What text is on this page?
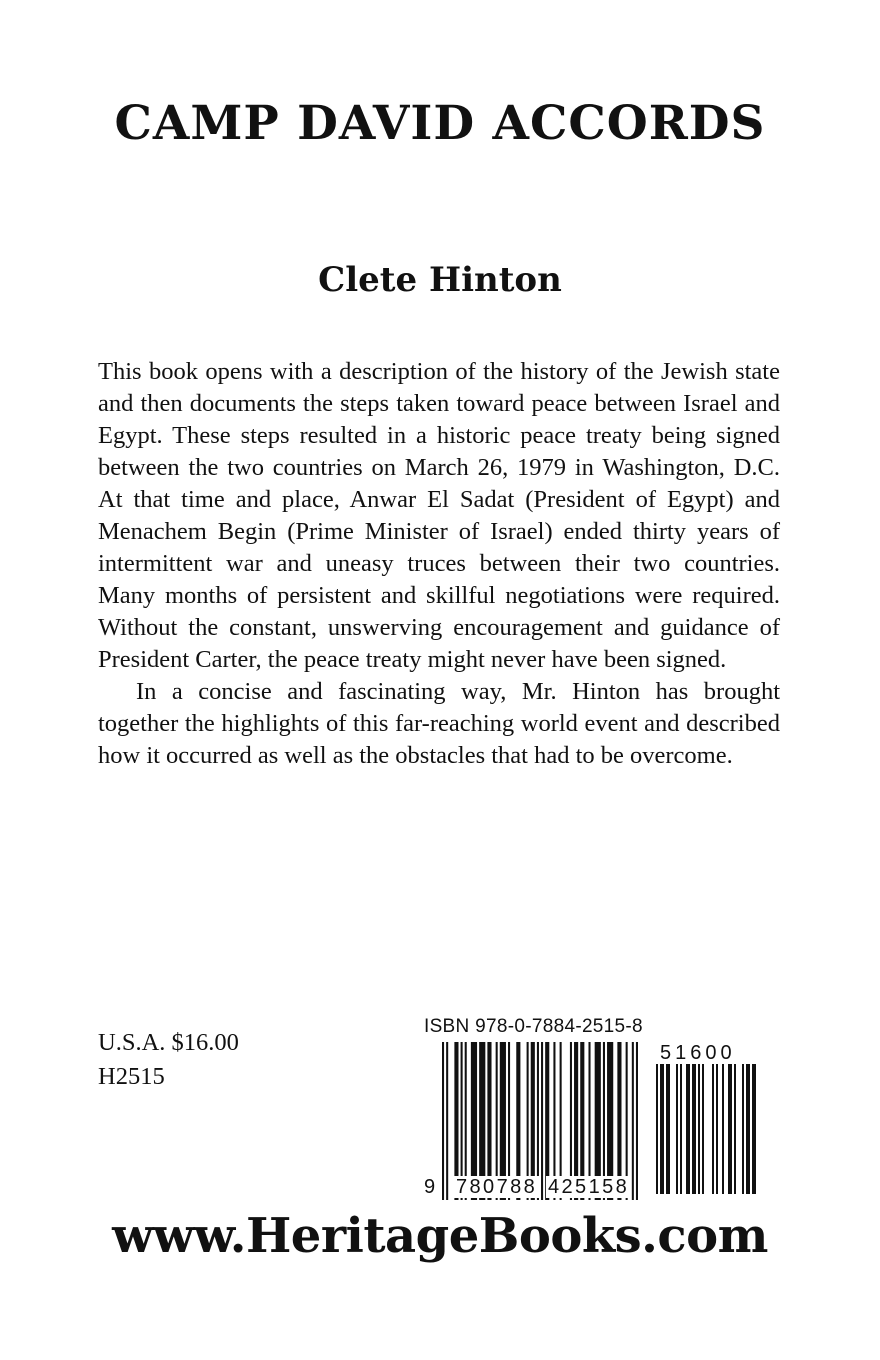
CAMP DAVID ACCORDS
Clete Hinton

This book opens with a description of the history of the Jewish state and then documents the steps taken toward peace between Israel and Egypt. These steps resulted in a historic peace treaty being signed between the two countries on March 26, 1979 in Washington, D.C. At that time and place, Anwar El Sadat (President of Egypt) and Menachem Begin (Prime Minister of Israel) ended thirty years of intermittent war and uneasy truces between their two countries. Many months of persistent and skillful negotiations were required. Without the constant, unswerving encouragement and guidance of President Carter, the peace treaty might never have been signed.

In a concise and fascinating way, Mr. Hinton has brought together the highlights of this far-reaching world event and described how it occurred as well as the obstacles that had to be overcome.

U.S.A. $16.00
H2515
ISBN 978-0-7884-2515-8
9 780788 425158
51600
www.HeritageBooks.com
